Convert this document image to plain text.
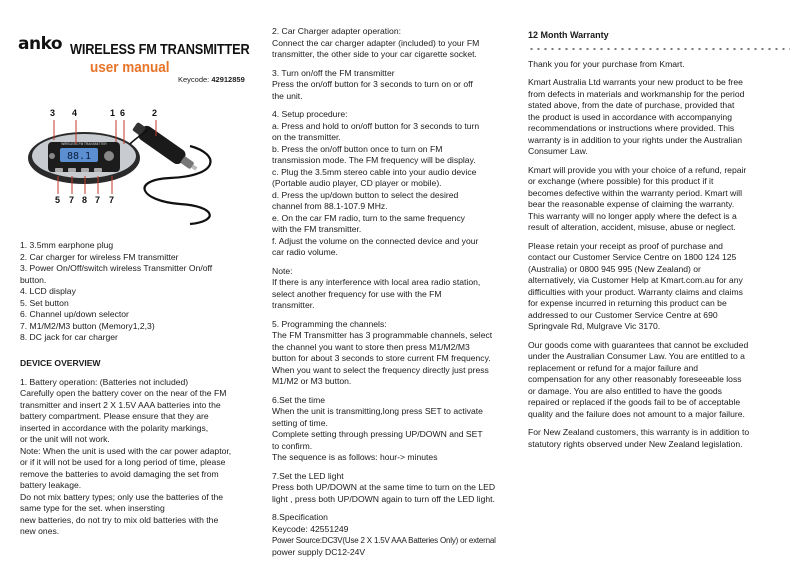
anko WIRELESS FM TRANSMITTER
user manual
Keycode: 42912859
88.1
WIRELESS FM TRANSMITTER
3 4	1 6	2
5 7 8 7 7

1. 3.5mm earphone plug

2. Car charger for wireless FM transmitter

3. Power On/Off/switch wireless Transmitter On/off

button.

4. LCD display

5. Set button

6. Channel up/down selector

7. M1/M2/M3 button (Memory1,2,3)

8. DC jack for car charger

DEVICE OVERVIEW

1. Battery operation: (Batteries not included)

Carefully open the battery cover on the near of the FM

transmitter and insert 2 X 1.5V AAA batteries into the

battery compartment. Please ensure that they are

inserted in accordance with the polarity markings,

or the unit will not work.

Note: When the unit is used with the car power adaptor,

or if it will not be used for a long period of time, please

remove the batteries to avoid damaging the set from

battery leakage.

Do not mix battery types; only use the batteries of the

same type for the set. when insersting

new batteries, do not try to mix old batteries with the

new ones.

2. Car Charger adapter operation:

Connect the car charger adapter (included) to your FM

transmitter, the other side to your car cigarette socket.

3. Turn on/off the FM transmitter

Press the on/off button for 3 seconds to turn on or off

the unit.

4. Setup procedure:

a. Press and hold to on/off button for 3 seconds to turn

on the transmitter.

b. Press the on/off button once to turn on FM

transmission mode. The FM frequency will be display.

c. Plug the 3.5mm stereo cable into your audio device

(Portable audio player, CD player or mobile).

d. Press the up/down button to select the desired

channel from 88.1-107.9 MHz.

e. On the car FM radio, turn to the same frequency

with the FM transmitter.

f. Adjust the volume on the connected device and your

car radio volume.

Note:

If there is any interference with local area radio station,

select another frequency for use with the FM

transmitter.

5. Programming the channels:

The FM Transmitter has 3 programmable channels, select

the channel you want to store then press M1/M2/M3

button for about 3 seconds to store current FM frequency.

When you want to select the frequency directly just press

M1/M2 or M3 button.

6.Set the time

When the unit is transmitting,long press SET to activate

setting of time.

Complete setting through pressing UP/DOWN and SET

to confirm.

The sequence is as follows: hour-> minutes

7.Set the LED light

Press both UP/DOWN at the same time to turn on the LED

light , press both UP/DOWN again to turn off the LED light.

8.Specification

Keycode: 42551249

Power Source:DC3V(Use 2 X 1.5V AAA Batteries Only) or external

power supply DC12-24V

12 Month Warranty

Thank you for your purchase from Kmart.

Kmart Australia Ltd warrants your new product to be free

from defects in materials and workmanship for the period

stated above, from the date of purchase, provided that

the product is used in accordance with accompanying

recommendations or instructions where provided. This

warranty is in addition to your rights under the Australian

Consumer Law.

Kmart will provide you with your choice of a refund, repair

or exchange (where possible) for this product if it

becomes defective within the warranty period. Kmart will

bear the reasonable expense of claiming the warranty.

This warranty will no longer apply where the defect is a

result of alteration, accident, misuse, abuse or neglect.

Please retain your receipt as proof of purchase and

contact our Customer Service Centre on 1800 124 125

(Australia) or 0800 945 995 (New Zealand) or

alternatively, via Customer Help at Kmart.com.au for any

difficulties with your product. Warranty claims and claims

for expense incurred in returning this product can be

addressed to our Customer Service Centre at 690

Springvale Rd, Mulgrave Vic 3170.

Our goods come with guarantees that cannot be excluded

under the Australian Consumer Law. You are entitled to a

replacement or refund for a major failure and

compensation for any other reasonably foreseeable loss

or damage. You are also entitled to have the goods

repaired or replaced if the goods fail to be of acceptable

quality and the failure does not amount to a major failure.

For New Zealand customers, this warranty is in addition to

statutory rights observed under New Zealand legislation.
